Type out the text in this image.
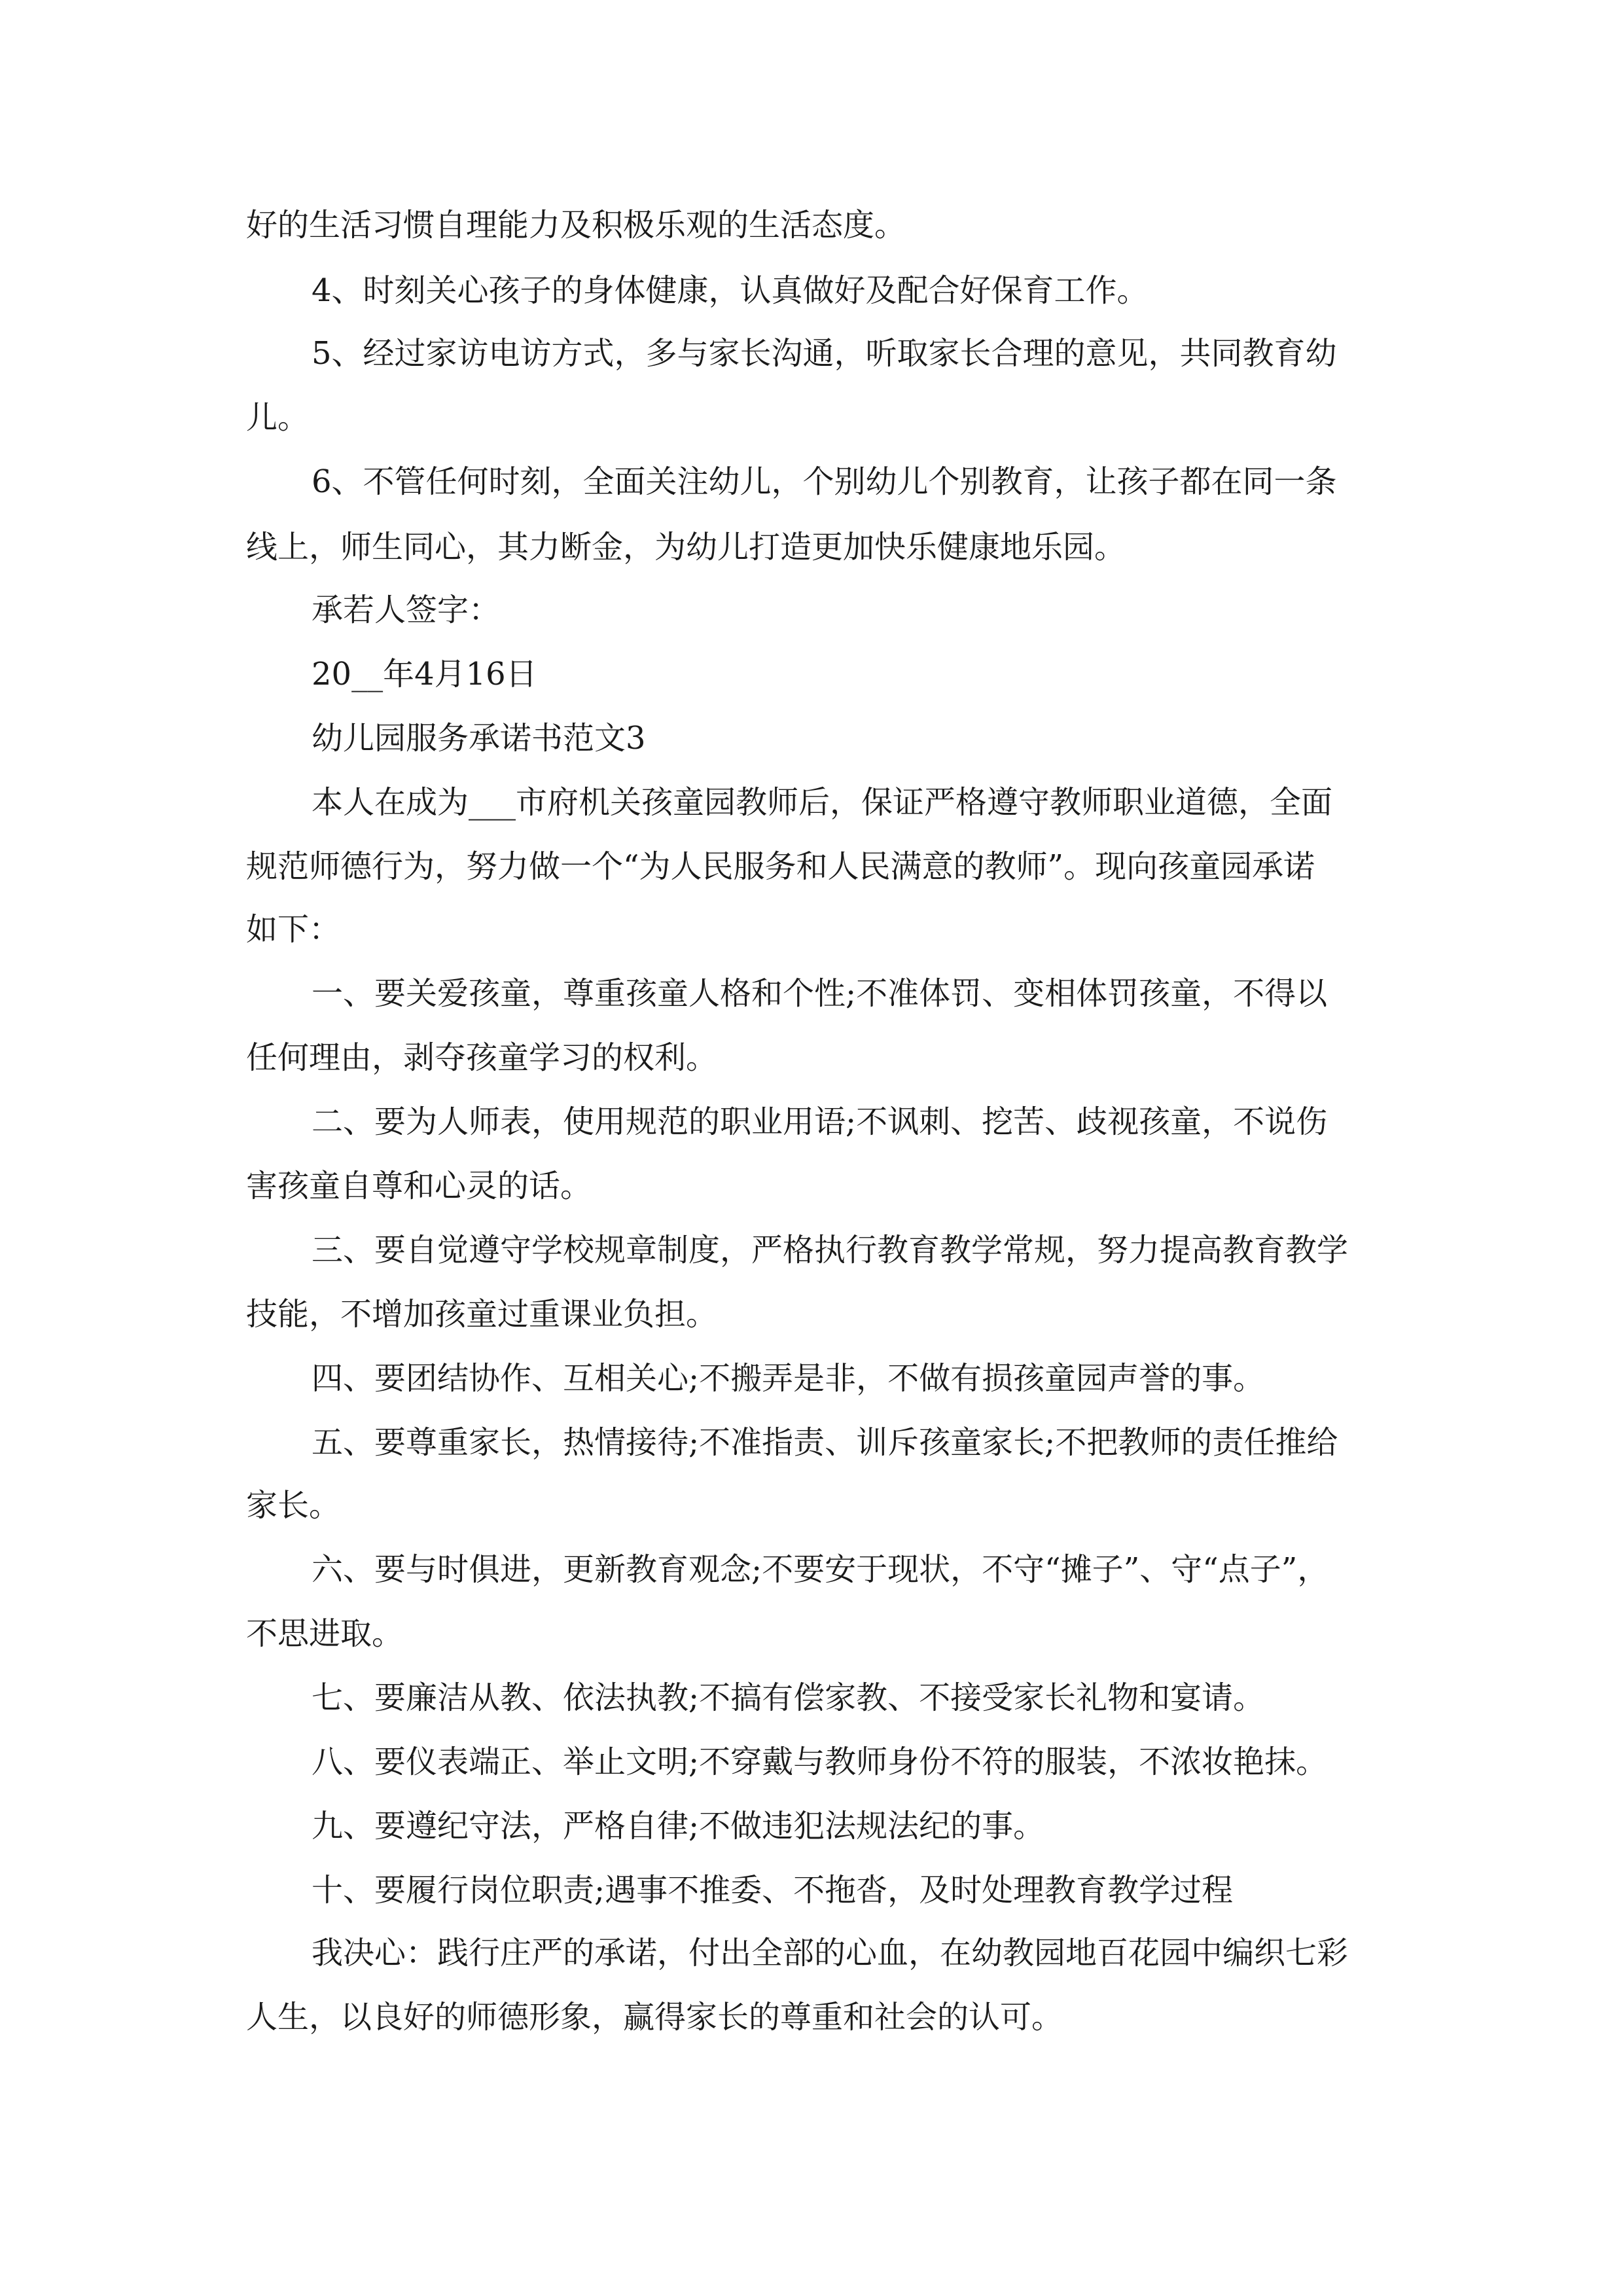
好的生活习惯自理能力及积极乐观的生活态度。

4、时刻关心孩子的身体健康，认真做好及配合好保育工作。

5、经过家访电访方式，多与家长沟通，听取家长合理的意见，共同教育幼

儿。

6、不管任何时刻，全面关注幼儿，个别幼儿个别教育，让孩子都在同一条

线上，师生同心，其力断金，为幼儿打造更加快乐健康地乐园。

承若人签字：

20__年4月16日

幼儿园服务承诺书范文3

本人在成为___市府机关孩童园教师后，保证严格遵守教师职业道德，全面

规范师德行为，努力做一个“为人民服务和人民满意的教师”。现向孩童园承诺

如下：

一、要关爱孩童，尊重孩童人格和个性;不准体罚、变相体罚孩童，不得以

任何理由，剥夺孩童学习的权利。

二、要为人师表，使用规范的职业用语;不讽刺、挖苦、歧视孩童，不说伤

害孩童自尊和心灵的话。

三、要自觉遵守学校规章制度，严格执行教育教学常规，努力提高教育教学

技能，不增加孩童过重课业负担。

四、要团结协作、互相关心;不搬弄是非，不做有损孩童园声誉的事。

五、要尊重家长，热情接待;不准指责、训斥孩童家长;不把教师的责任推给

家长。

六、要与时俱进，更新教育观念;不要安于现状，不守“摊子”、守“点子”，

不思进取。

七、要廉洁从教、依法执教;不搞有偿家教、不接受家长礼物和宴请。

八、要仪表端正、举止文明;不穿戴与教师身份不符的服装，不浓妆艳抹。

九、要遵纪守法，严格自律;不做违犯法规法纪的事。

十、要履行岗位职责;遇事不推委、不拖沓，及时处理教育教学过程

我决心：践行庄严的承诺，付出全部的心血，在幼教园地百花园中编织七彩

人生，以良好的师德形象，赢得家长的尊重和社会的认可。
